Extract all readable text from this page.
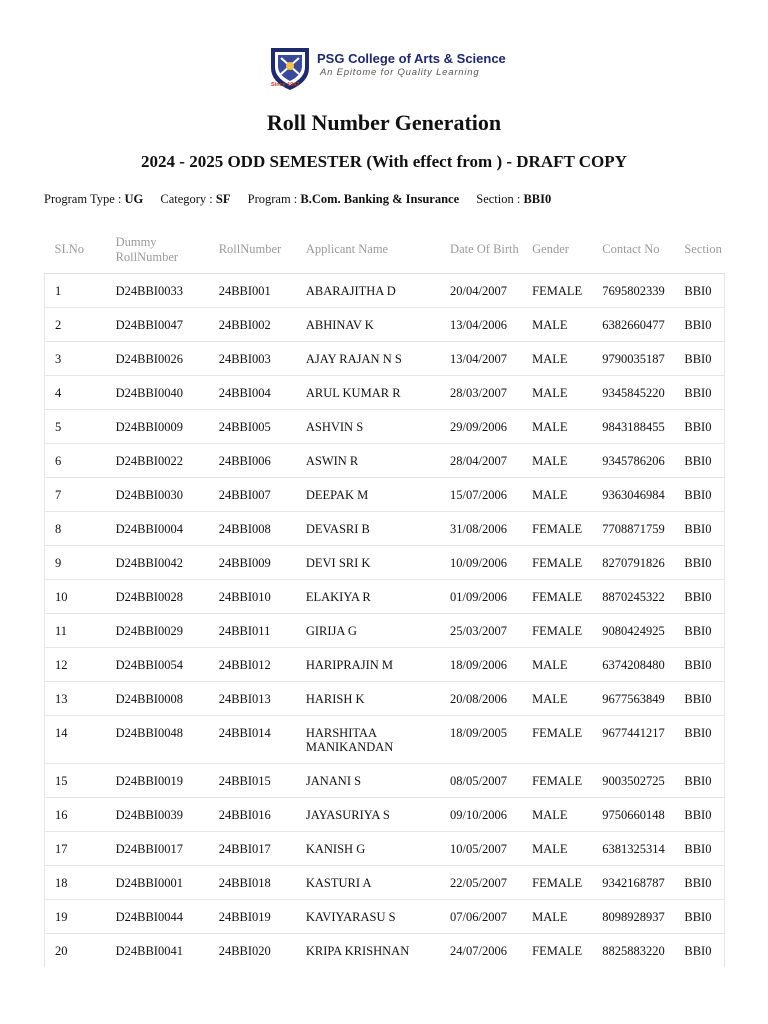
Since 1947
PSG College of Arts & Science
An Epitome for Quality Learning
Roll Number Generation
2024 - 2025 ODD SEMESTER (With effect from ) - DRAFT COPY
Program Type : UG Category : SF Program : B.Com. Banking & Insurance Section : BBI0
SI.No	Dummy RollNumber	RollNumber	Applicant Name	Date Of Birth	Gender	Contact No	Section
1	D24BBI0033	24BBI001	ABARAJITHA D	20/04/2007	FEMALE	7695802339	BBI0
2	D24BBI0047	24BBI002	ABHINAV K	13/04/2006	MALE	6382660477	BBI0
3	D24BBI0026	24BBI003	AJAY RAJAN N S	13/04/2007	MALE	9790035187	BBI0
4	D24BBI0040	24BBI004	ARUL KUMAR R	28/03/2007	MALE	9345845220	BBI0
5	D24BBI0009	24BBI005	ASHVIN S	29/09/2006	MALE	9843188455	BBI0
6	D24BBI0022	24BBI006	ASWIN R	28/04/2007	MALE	9345786206	BBI0
7	D24BBI0030	24BBI007	DEEPAK M	15/07/2006	MALE	9363046984	BBI0
8	D24BBI0004	24BBI008	DEVASRI B	31/08/2006	FEMALE	7708871759	BBI0
9	D24BBI0042	24BBI009	DEVI SRI K	10/09/2006	FEMALE	8270791826	BBI0
10	D24BBI0028	24BBI010	ELAKIYA R	01/09/2006	FEMALE	8870245322	BBI0
11	D24BBI0029	24BBI011	GIRIJA G	25/03/2007	FEMALE	9080424925	BBI0
12	D24BBI0054	24BBI012	HARIPRAJIN M	18/09/2006	MALE	6374208480	BBI0
13	D24BBI0008	24BBI013	HARISH K	20/08/2006	MALE	9677563849	BBI0
14	D24BBI0048	24BBI014	HARSHITAA MANIKANDAN	18/09/2005	FEMALE	9677441217	BBI0
15	D24BBI0019	24BBI015	JANANI S	08/05/2007	FEMALE	9003502725	BBI0
16	D24BBI0039	24BBI016	JAYASURIYA S	09/10/2006	MALE	9750660148	BBI0
17	D24BBI0017	24BBI017	KANISH G	10/05/2007	MALE	6381325314	BBI0
18	D24BBI0001	24BBI018	KASTURI A	22/05/2007	FEMALE	9342168787	BBI0
19	D24BBI0044	24BBI019	KAVIYARASU S	07/06/2007	MALE	8098928937	BBI0
20	D24BBI0041	24BBI020	KRIPA KRISHNAN	24/07/2006	FEMALE	8825883220	BBI0
